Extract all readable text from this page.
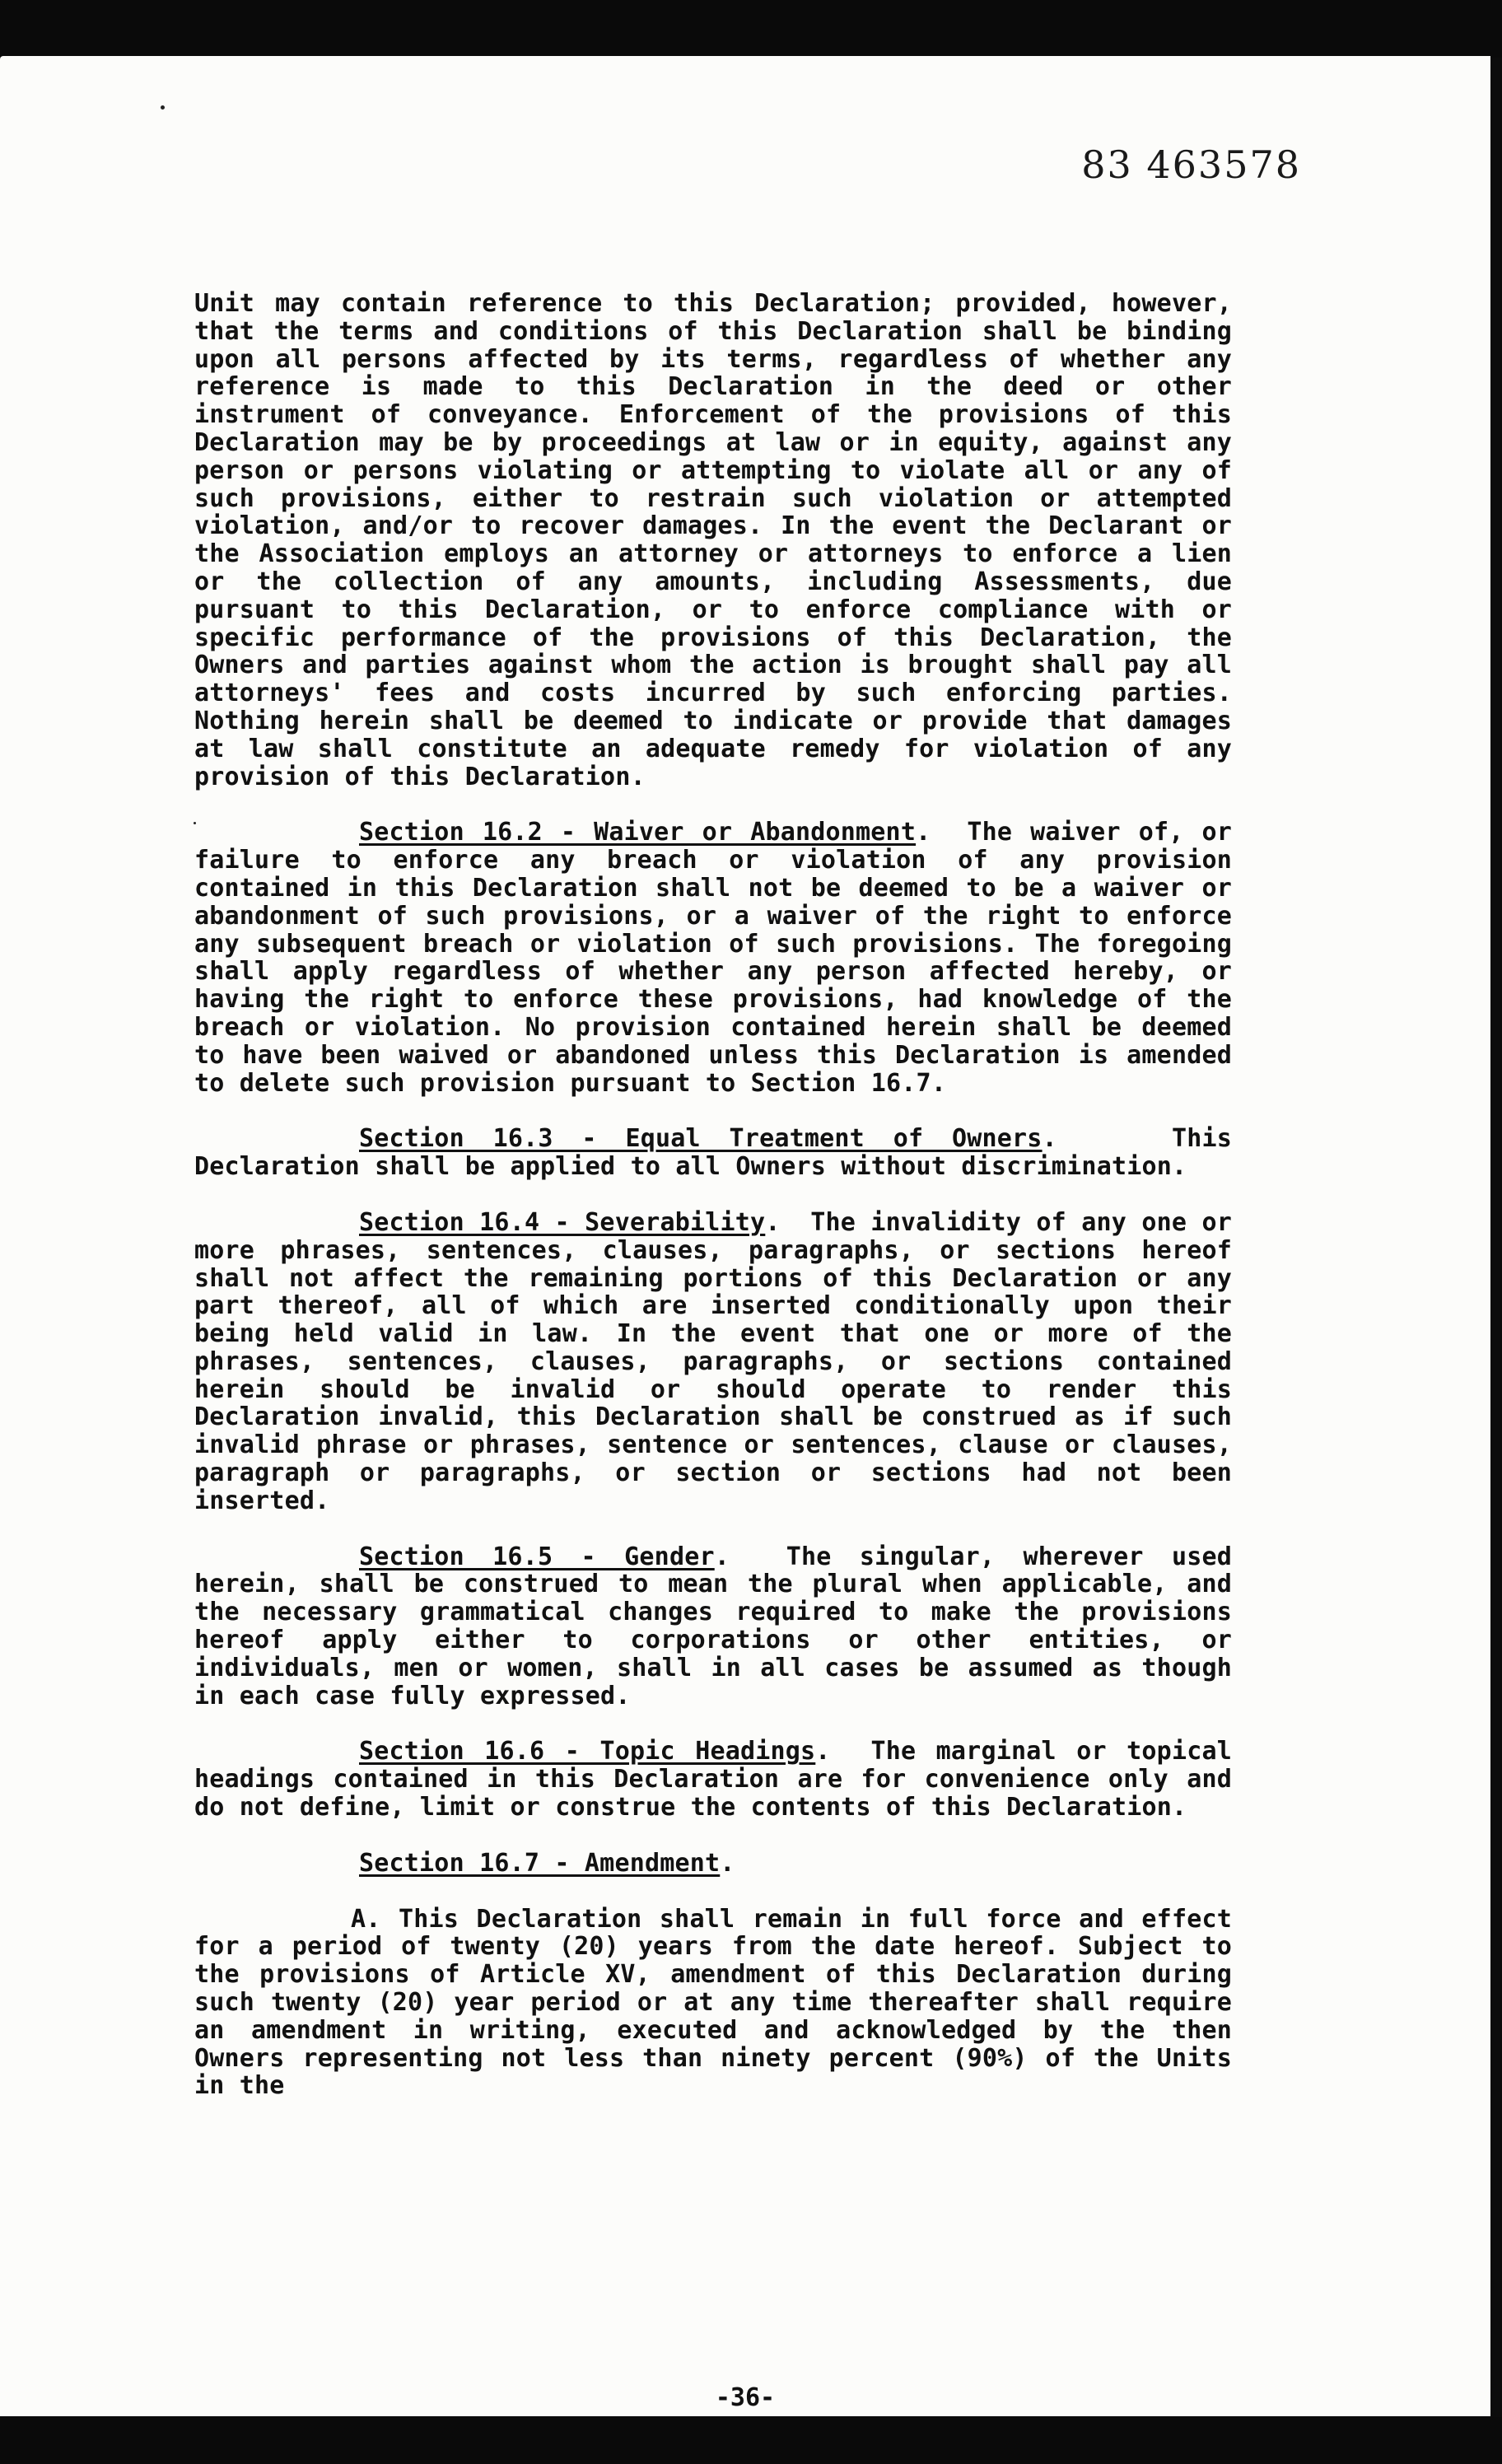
83 463578

Unit may contain reference to this Declaration; provided, however, that the terms and conditions of this Declaration shall be binding upon all persons affected by its terms, regardless of whether any reference is made to this Declaration in the deed or other instrument of conveyance. Enforcement of the provisions of this Declaration may be by proceedings at law or in equity, against any person or persons violating or attempting to violate all or any of such provisions, either to restrain such violation or attempted violation, and/or to recover damages. In the event the Declarant or the Association employs an attorney or attorneys to enforce a lien or the collection of any amounts, including Assessments, due pursuant to this Declaration, or to enforce compliance with or specific performance of the provisions of this Declaration, the Owners and parties against whom the action is brought shall pay all attorneys' fees and costs incurred by such enforcing parties. Nothing herein shall be deemed to indicate or provide that damages at law shall constitute an adequate remedy for violation of any provision of this Declaration.

Section 16.2 - Waiver or Abandonment.  The waiver of, or failure to enforce any breach or violation of any provision contained in this Declaration shall not be deemed to be a waiver or abandonment of such provisions, or a waiver of the right to enforce any subsequent breach or violation of such provisions. The foregoing shall apply regardless of whether any person affected hereby, or having the right to enforce these provisions, had knowledge of the breach or violation. No provision contained herein shall be deemed to have been waived or abandoned unless this Declaration is amended to delete such provision pursuant to Section 16.7.

Section 16.3 - Equal Treatment of Owners.    This Declaration shall be applied to all Owners without discrimination.

Section 16.4 - Severability.  The invalidity of any one or more phrases, sentences, clauses, paragraphs, or sections hereof shall not affect the remaining portions of this Declaration or any part thereof, all of which are inserted conditionally upon their being held valid in law. In the event that one or more of the phrases, sentences, clauses, paragraphs, or sections contained herein should be invalid or should operate to render this Declaration invalid, this Declaration shall be construed as if such invalid phrase or phrases, sentence or sentences, clause or clauses, paragraph or paragraphs, or section or sections had not been inserted.

Section 16.5 - Gender.  The singular, wherever used herein, shall be construed to mean the plural when applicable, and the necessary grammatical changes required to make the provisions hereof apply either to corporations or other entities, or individuals, men or women, shall in all cases be assumed as though in each case fully expressed.

Section 16.6 - Topic Headings.  The marginal or topical headings contained in this Declaration are for convenience only and do not define, limit or construe the contents of this Declaration.

Section 16.7 - Amendment.

A. This Declaration shall remain in full force and effect for a period of twenty (20) years from the date hereof. Subject to the provisions of Article XV, amendment of this Declaration during such twenty (20) year period or at any time thereafter shall require an amendment in writing, executed and acknowledged by the then Owners representing not less than ninety percent (90%) of the Units in the

-36-
